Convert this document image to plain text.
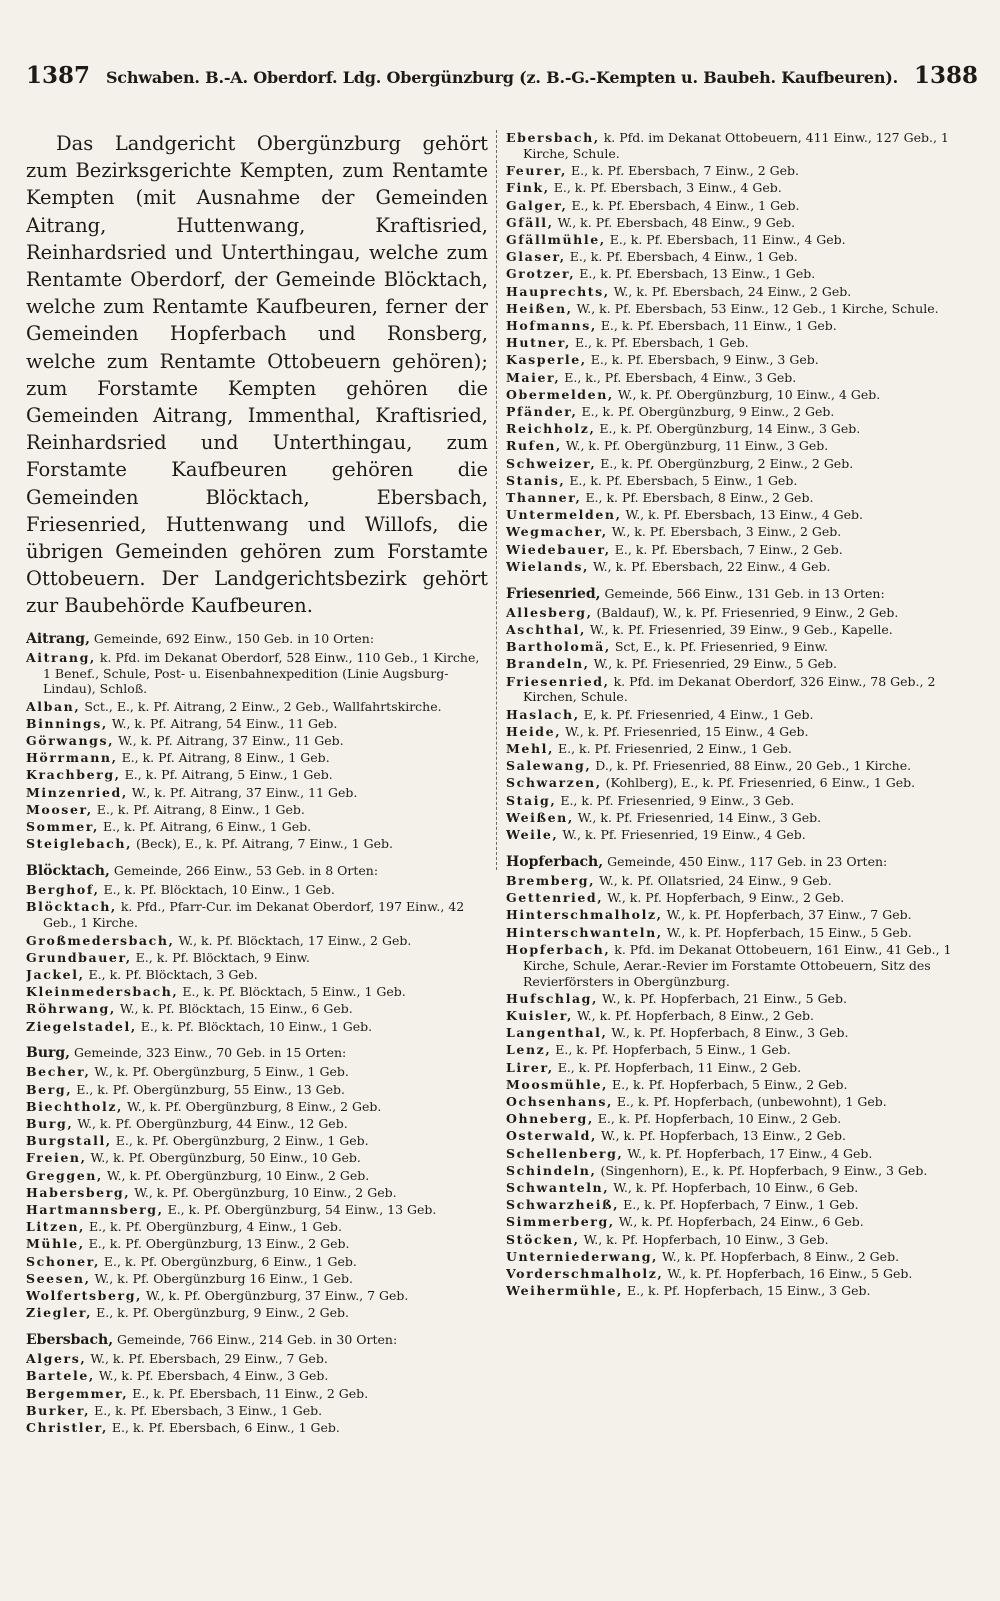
1387 Schwaben. B.-A. Oberdorf. Ldg. Obergünzburg (z. B.-G.-Kempten u. Baubeh. Kaufbeuren). 1388

Das Landgericht Obergünzburg gehört zum Bezirksgerichte Kempten, zum Rentamte Kempten (mit Ausnahme der Gemeinden Aitrang, Huttenwang, Kraftisried, Reinhardsried und Unterthingau, welche zum Rentamte Oberdorf, der Gemeinde Blöcktach, welche zum Rentamte Kaufbeuren, ferner der Gemeinden Hopferbach und Ronsberg, welche zum Rentamte Ottobeuern gehören); zum Forstamte Kempten gehören die Gemeinden Aitrang, Immenthal, Kraftisried, Reinhardsried und Unterthingau, zum Forstamte Kaufbeuren gehören die Gemeinden Blöcktach, Ebersbach, Friesenried, Huttenwang und Willofs, die übrigen Gemeinden gehören zum Forstamte Ottobeuern. Der Landgerichtsbezirk gehört zur Baubehörde Kaufbeuren.

Aitrang, Gemeinde, 692 Einw., 150 Geb. in 10 Orten:
Aitrang, k. Pfd. im Dekanat Oberdorf, 528 Einw., 110 Geb., 1 Kirche, 1 Benef., Schule, Post- u. Eisenbahnexpedition (Linie Augsburg-Lindau), Schloß.
Alban, Sct., E., k. Pf. Aitrang, 2 Einw., 2 Geb., Wallfahrtskirche.
Binnings, W., k. Pf. Aitrang, 54 Einw., 11 Geb.
Görwangs, W., k. Pf. Aitrang, 37 Einw., 11 Geb.
Hörrmann, E., k. Pf. Aitrang, 8 Einw., 1 Geb.
Krachberg, E., k. Pf. Aitrang, 5 Einw., 1 Geb.
Minzenried, W., k. Pf. Aitrang, 37 Einw., 11 Geb.
Mooser, E., k. Pf. Aitrang, 8 Einw., 1 Geb.
Sommer, E., k. Pf. Aitrang, 6 Einw., 1 Geb.
Steiglebach, (Beck), E., k. Pf. Aitrang, 7 Einw., 1 Geb.
Blöcktach, Gemeinde, 266 Einw., 53 Geb. in 8 Orten:
Berghof, E., k. Pf. Blöcktach, 10 Einw., 1 Geb.
Blöcktach, k. Pfd., Pfarr-Cur. im Dekanat Oberdorf, 197 Einw., 42 Geb., 1 Kirche.
Großmedersbach, W., k. Pf. Blöcktach, 17 Einw., 2 Geb.
Grundbauer, E., k. Pf. Blöcktach, 9 Einw.
Jackel, E., k. Pf. Blöcktach, 3 Geb.
Kleinmedersbach, E., k. Pf. Blöcktach, 5 Einw., 1 Geb.
Röhrwang, W., k. Pf. Blöcktach, 15 Einw., 6 Geb.
Ziegelstadel, E., k. Pf. Blöcktach, 10 Einw., 1 Geb.
Burg, Gemeinde, 323 Einw., 70 Geb. in 15 Orten:
Becher, W., k. Pf. Obergünzburg, 5 Einw., 1 Geb.
Berg, E., k. Pf. Obergünzburg, 55 Einw., 13 Geb.
Biechtholz, W., k. Pf. Obergünzburg, 8 Einw., 2 Geb.
Burg, W., k. Pf. Obergünzburg, 44 Einw., 12 Geb.
Burgstall, E., k. Pf. Obergünzburg, 2 Einw., 1 Geb.
Freien, W., k. Pf. Obergünzburg, 50 Einw., 10 Geb.
Greggen, W., k. Pf. Obergünzburg, 10 Einw., 2 Geb.
Habersberg, W., k. Pf. Obergünzburg, 10 Einw., 2 Geb.
Hartmannsberg, E., k. Pf. Obergünzburg, 54 Einw., 13 Geb.
Litzen, E., k. Pf. Obergünzburg, 4 Einw., 1 Geb.
Mühle, E., k. Pf. Obergünzburg, 13 Einw., 2 Geb.
Schoner, E., k. Pf. Obergünzburg, 6 Einw., 1 Geb.
Seesen, W., k. Pf. Obergünzburg 16 Einw., 1 Geb.
Wolfertsberg, W., k. Pf. Obergünzburg, 37 Einw., 7 Geb.
Ziegler, E., k. Pf. Obergünzburg, 9 Einw., 2 Geb.
Ebersbach, Gemeinde, 766 Einw., 214 Geb. in 30 Orten:
Algers, W., k. Pf. Ebersbach, 29 Einw., 7 Geb.
Bartele, W., k. Pf. Ebersbach, 4 Einw., 3 Geb.
Bergemmer, E., k. Pf. Ebersbach, 11 Einw., 2 Geb.
Burker, E., k. Pf. Ebersbach, 3 Einw., 1 Geb.
Christler, E., k. Pf. Ebersbach, 6 Einw., 1 Geb.
Ebersbach, k. Pfd. im Dekanat Ottobeuern, 411 Einw., 127 Geb., 1 Kirche, Schule.
Feurer, E., k. Pf. Ebersbach, 7 Einw., 2 Geb.
Fink, E., k. Pf. Ebersbach, 3 Einw., 4 Geb.
Galger, E., k. Pf. Ebersbach, 4 Einw., 1 Geb.
Gfäll, W., k. Pf. Ebersbach, 48 Einw., 9 Geb.
Gfällmühle, E., k. Pf. Ebersbach, 11 Einw., 4 Geb.
Glaser, E., k. Pf. Ebersbach, 4 Einw., 1 Geb.
Grotzer, E., k. Pf. Ebersbach, 13 Einw., 1 Geb.
Hauprechts, W., k. Pf. Ebersbach, 24 Einw., 2 Geb.
Heißen, W., k. Pf. Ebersbach, 53 Einw., 12 Geb., 1 Kirche, Schule.
Hofmanns, E., k. Pf. Ebersbach, 11 Einw., 1 Geb.
Hutner, E., k. Pf. Ebersbach, 1 Geb.
Kasperle, E., k. Pf. Ebersbach, 9 Einw., 3 Geb.
Maier, E., k., Pf. Ebersbach, 4 Einw., 3 Geb.
Obermelden, W., k. Pf. Obergünzburg, 10 Einw., 4 Geb.
Pfänder, E., k. Pf. Obergünzburg, 9 Einw., 2 Geb.
Reichholz, E., k. Pf. Obergünzburg, 14 Einw., 3 Geb.
Rufen, W., k. Pf. Obergünzburg, 11 Einw., 3 Geb.
Schweizer, E., k. Pf. Obergünzburg, 2 Einw., 2 Geb.
Stanis, E., k. Pf. Ebersbach, 5 Einw., 1 Geb.
Thanner, E., k. Pf. Ebersbach, 8 Einw., 2 Geb.
Untermelden, W., k. Pf. Ebersbach, 13 Einw., 4 Geb.
Wegmacher, W., k. Pf. Ebersbach, 3 Einw., 2 Geb.
Wiedebauer, E., k. Pf. Ebersbach, 7 Einw., 2 Geb.
Wielands, W., k. Pf. Ebersbach, 22 Einw., 4 Geb.
Friesenried, Gemeinde, 566 Einw., 131 Geb. in 13 Orten:
Allesberg, (Baldauf), W., k. Pf. Friesenried, 9 Einw., 2 Geb.
Aschthal, W., k. Pf. Friesenried, 39 Einw., 9 Geb., Kapelle.
Bartholomä, Sct, E., k. Pf. Friesenried, 9 Einw.
Brandeln, W., k. Pf. Friesenried, 29 Einw., 5 Geb.
Friesenried, k. Pfd. im Dekanat Oberdorf, 326 Einw., 78 Geb., 2 Kirchen, Schule.
Haslach, E, k. Pf. Friesenried, 4 Einw., 1 Geb.
Heide, W., k. Pf. Friesenried, 15 Einw., 4 Geb.
Mehl, E., k. Pf. Friesenried, 2 Einw., 1 Geb.
Salewang, D., k. Pf. Friesenried, 88 Einw., 20 Geb., 1 Kirche.
Schwarzen, (Kohlberg), E., k. Pf. Friesenried, 6 Einw., 1 Geb.
Staig, E., k. Pf. Friesenried, 9 Einw., 3 Geb.
Weißen, W., k. Pf. Friesenried, 14 Einw., 3 Geb.
Weile, W., k. Pf. Friesenried, 19 Einw., 4 Geb.
Hopferbach, Gemeinde, 450 Einw., 117 Geb. in 23 Orten:
Bremberg, W., k. Pf. Ollatsried, 24 Einw., 9 Geb.
Gettenried, W., k. Pf. Hopferbach, 9 Einw., 2 Geb.
Hinterschmalholz, W., k. Pf. Hopferbach, 37 Einw., 7 Geb.
Hinterschwanteln, W., k. Pf. Hopferbach, 15 Einw., 5 Geb.
Hopferbach, k. Pfd. im Dekanat Ottobeuern, 161 Einw., 41 Geb., 1 Kirche, Schule, Aerar.-Revier im Forstamte Ottobeuern, Sitz des Revierförsters in Obergünzburg.
Hufschlag, W., k. Pf. Hopferbach, 21 Einw., 5 Geb.
Kuisler, W., k. Pf. Hopferbach, 8 Einw., 2 Geb.
Langenthal, W., k. Pf. Hopferbach, 8 Einw., 3 Geb.
Lenz, E., k. Pf. Hopferbach, 5 Einw., 1 Geb.
Lirer, E., k. Pf. Hopferbach, 11 Einw., 2 Geb.
Moosmühle, E., k. Pf. Hopferbach, 5 Einw., 2 Geb.
Ochsenhans, E., k. Pf. Hopferbach, (unbewohnt), 1 Geb.
Ohneberg, E., k. Pf. Hopferbach, 10 Einw., 2 Geb.
Osterwald, W., k. Pf. Hopferbach, 13 Einw., 2 Geb.
Schellenberg, W., k. Pf. Hopferbach, 17 Einw., 4 Geb.
Schindeln, (Singenhorn), E., k. Pf. Hopferbach, 9 Einw., 3 Geb.
Schwanteln, W., k. Pf. Hopferbach, 10 Einw., 6 Geb.
Schwarzheiß, E., k. Pf. Hopferbach, 7 Einw., 1 Geb.
Simmerberg, W., k. Pf. Hopferbach, 24 Einw., 6 Geb.
Stöcken, W., k. Pf. Hopferbach, 10 Einw., 3 Geb.
Unterniederwang, W., k. Pf. Hopferbach, 8 Einw., 2 Geb.
Vorderschmalholz, W., k. Pf. Hopferbach, 16 Einw., 5 Geb.
Weihermühle, E., k. Pf. Hopferbach, 15 Einw., 3 Geb.
